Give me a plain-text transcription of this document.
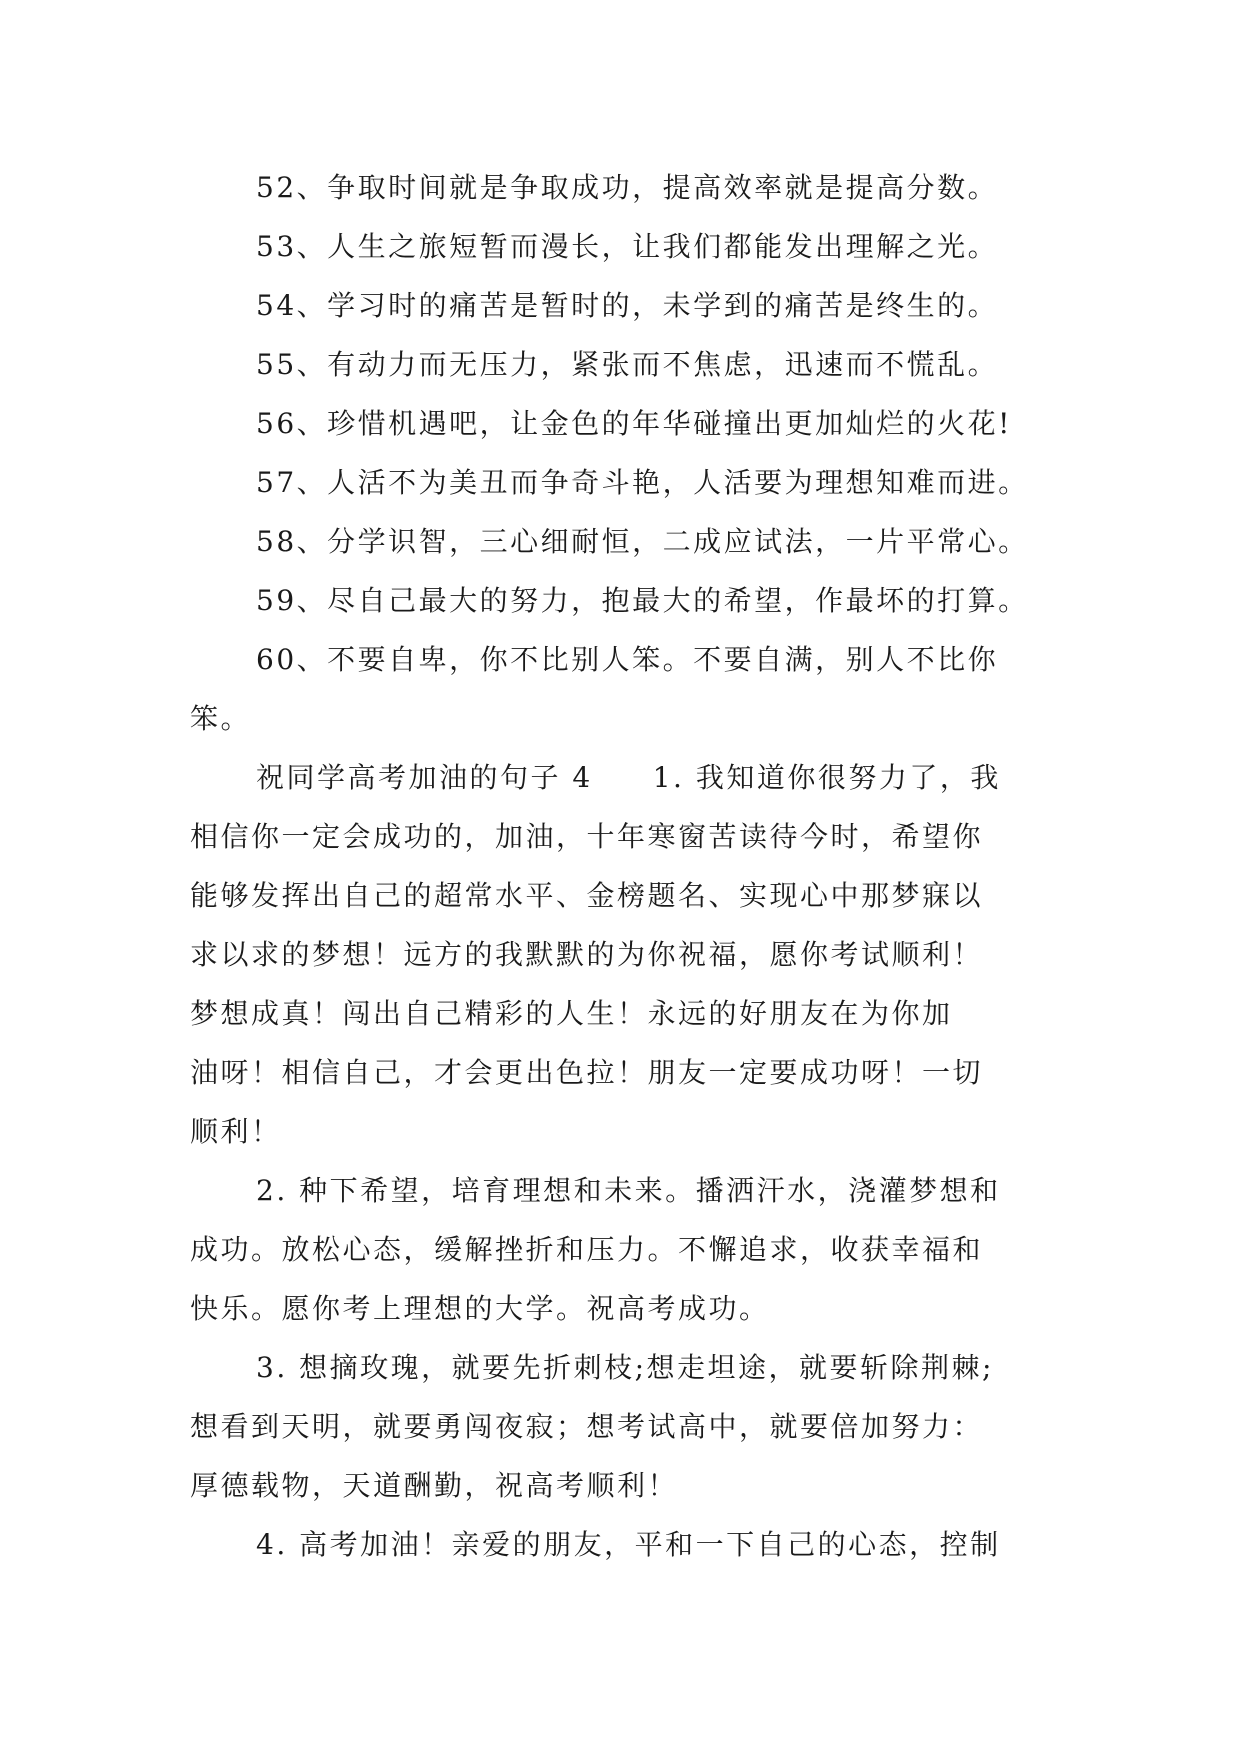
52、争取时间就是争取成功，提高效率就是提高分数。
53、人生之旅短暂而漫长，让我们都能发出理解之光。
54、学习时的痛苦是暂时的，未学到的痛苦是终生的。
55、有动力而无压力，紧张而不焦虑，迅速而不慌乱。
56、珍惜机遇吧，让金色的年华碰撞出更加灿烂的火花!
57、人活不为美丑而争奇斗艳，人活要为理想知难而进。
58、分学识智，三心细耐恒，二成应试法，一片平常心。
59、尽自己最大的努力，抱最大的希望，作最坏的打算。
60、不要自卑，你不比别人笨。不要自满，别人不比你
笨。
祝同学高考加油的句子 4 1. 我知道你很努力了，我
相信你一定会成功的，加油，十年寒窗苦读待今时，希望你
能够发挥出自己的超常水平、金榜题名、实现心中那梦寐以
求以求的梦想！远方的我默默的为你祝福，愿你考试顺利！
梦想成真！闯出自己精彩的人生！永远的好朋友在为你加
油呀！相信自己，才会更出色拉！朋友一定要成功呀！一切
顺利！
2. 种下希望，培育理想和未来。播洒汗水，浇灌梦想和
成功。放松心态，缓解挫折和压力。不懈追求，收获幸福和
快乐。愿你考上理想的大学。祝高考成功。
3. 想摘玫瑰，就要先折刺枝;想走坦途，就要斩除荆棘;
想看到天明，就要勇闯夜寂；想考试高中，就要倍加努力：
厚德载物，天道酬勤，祝高考顺利！
4. 高考加油！亲爱的朋友，平和一下自己的心态，控制
